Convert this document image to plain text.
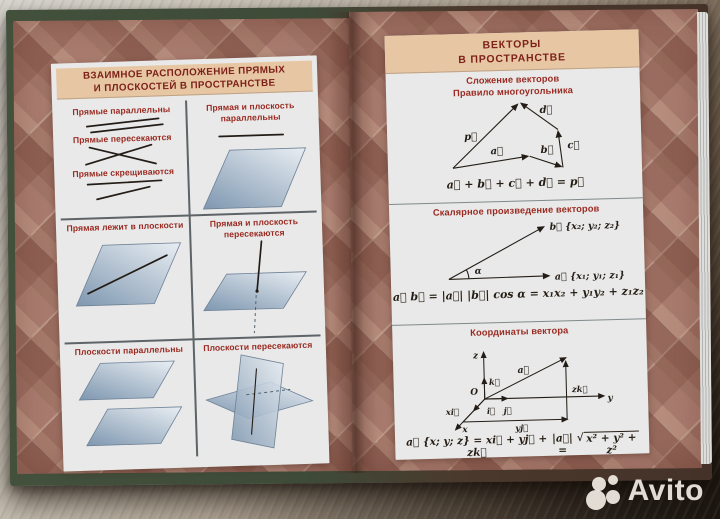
ВЗАИМНОЕ РАСПОЛОЖЕНИЕ ПРЯМЫХ
И ПЛОСКОСТЕЙ В ПРОСТРАНСТВЕ
Прямые параллельны
Прямые пересекаются
Прямые скрещиваются
Прямая и плоскость параллельны
Прямая лежит в плоскости	Прямая и плоскость пересекаются
Плоскости параллельны	Плоскости пересекаются
ВЕКТОРЫ
В ПРОСТРАНСТВЕ
Сложение векторов
Правило многоугольника
p⃗
a⃗	b⃗ c⃗
d⃗
a⃗ + b⃗ + c⃗ + d⃗ = p⃗
Скалярное произведение векторов
α
b⃗ {x₂; y₂; z₂}
a⃗ {x₁; y₁; z₁}
a⃗ b⃗ = |a⃗| |b⃗| cos α = x₁x₂ + y₁y₂ + z₁z₂
Координаты вектора
z
y
x
O
k⃗
i⃗ j⃗
a⃗
xi⃗
yj⃗
zk⃗
a⃗ {x; y; z} = xi⃗ + yj⃗ + zk⃗
|a⃗| =
√ x² + y² + z²
Avito
